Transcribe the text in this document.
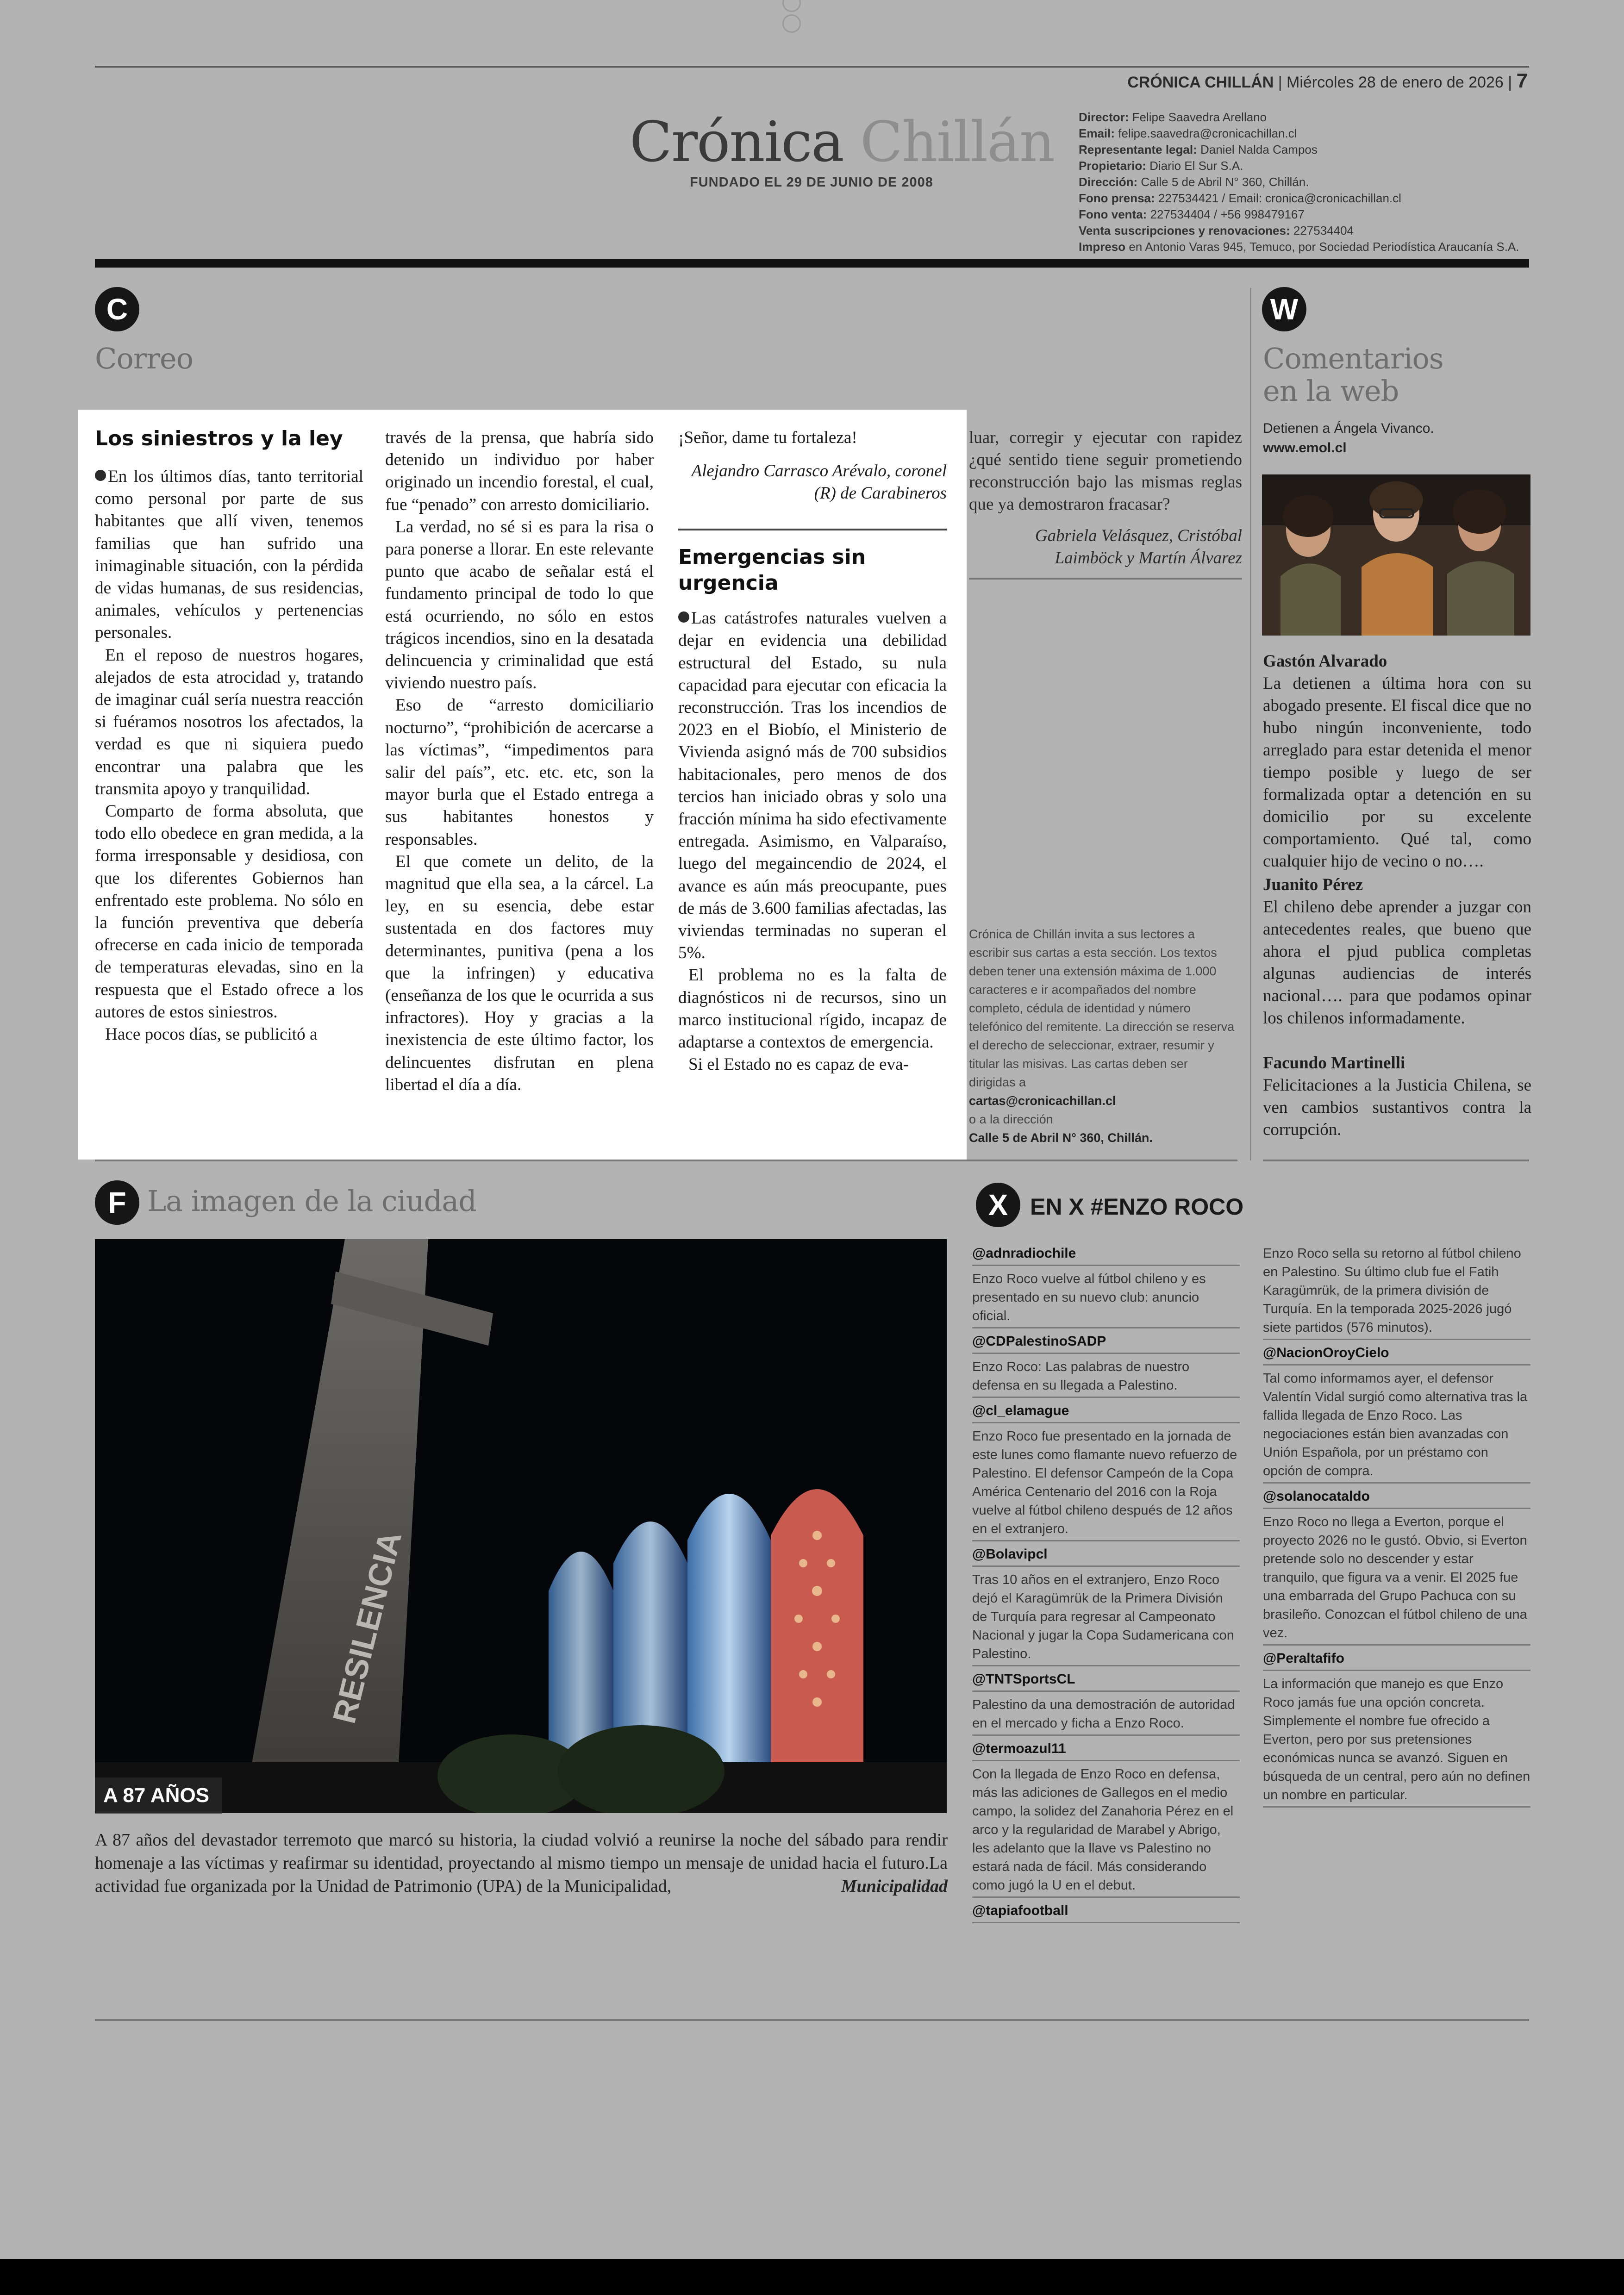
CRÓNICA CHILLÁN | Miércoles 28 de enero de 2026 | 7
Crónica Chillán
FUNDADO EL 29 DE JUNIO DE 2008
Director: Felipe Saavedra Arellano
Email: felipe.saavedra@cronicachillan.cl
Representante legal: Daniel Nalda Campos
Propietario: Diario El Sur S.A.
Dirección: Calle 5 de Abril N° 360, Chillán.
Fono prensa: 227534421 / Email: cronica@cronicachillan.cl
Fono venta: 227534404 / +56 998479167
Venta suscripciones y renovaciones: 227534404
Impreso en Antonio Varas 945, Temuco, por Sociedad Periodística Araucanía S.A.
C
Correo
W
Comentarios
en la web
Detienen a Ángela Vivanco.
www.emol.cl
Gastón Alvarado
La detienen a última hora con su abogado presente. El fiscal dice que no hubo ningún inconveniente, todo arreglado para estar detenida el menor tiempo posible y luego de ser formalizada optar a detención en su domicilio por su excelente comportamiento. Qué tal, como cualquier hijo de vecino o no….
Juanito Pérez
El chileno debe aprender a juzgar con antecedentes reales, que bueno que ahora el pjud publica completas algunas audiencias de interés nacional…. para que podamos opinar los chilenos informadamente.
Facundo Martinelli
Felicitaciones a la Justicia Chilena, se ven cambios sustantivos contra la corrupción.
Los siniestros y la ley

En los últimos días, tanto territorial como personal por parte de sus habitantes que allí viven, tenemos familias que han sufrido una inimaginable situación, con la pérdida de vidas humanas, de sus residencias, animales, vehículos y pertenencias personales.

En el reposo de nuestros hogares, alejados de esta atrocidad y, tratando de imaginar cuál sería nuestra reacción si fuéramos nosotros los afectados, la verdad es que ni siquiera puedo encontrar una palabra que les transmita apoyo y tranquilidad.

Comparto de forma absoluta, que todo ello obedece en gran medida, a la forma irresponsable y desidiosa, con que los diferentes Gobiernos han enfrentado este problema. No sólo en la función preventiva que debería ofrecerse en cada inicio de temporada de temperaturas elevadas, sino en la respuesta que el Estado ofrece a los autores de estos siniestros.

Hace pocos días, se publicitó a

través de la prensa, que habría sido detenido un individuo por haber originado un incendio forestal, el cual, fue “penado” con arresto domiciliario.

La verdad, no sé si es para la risa o para ponerse a llorar. En este relevante punto que acabo de señalar está el fundamento principal de todo lo que está ocurriendo, no sólo en estos trágicos incendios, sino en la desatada delincuencia y criminalidad que está viviendo nuestro país.

Eso de “arresto domiciliario nocturno”, “prohibición de acercarse a las víctimas”, “impedimentos para salir del país”, etc. etc. etc, son la mayor burla que el Estado entrega a sus habitantes honestos y responsables.

El que comete un delito, de la magnitud que ella sea, a la cárcel. La ley, en su esencia, debe estar sustentada en dos factores muy determinantes, punitiva (pena a los que la infringen) y educativa (enseñanza de los que le ocurrida a sus infractores). Hoy y gracias a la inexistencia de este último factor, los delincuentes disfrutan en plena libertad el día a día.

¡Señor, dame tu fortaleza!

Alejandro Carrasco Arévalo, coronel (R) de Carabineros
Emergencias sin urgencia

Las catástrofes naturales vuelven a dejar en evidencia una debilidad estructural del Estado, su nula capacidad para ejecutar con eficacia la reconstrucción. Tras los incendios de 2023 en el Biobío, el Ministerio de Vivienda asignó más de 700 subsidios habitacionales, pero menos de dos tercios han iniciado obras y solo una fracción mínima ha sido efectivamente entregada. Asimismo, en Valparaíso, luego del megaincendio de 2024, el avance es aún más preocupante, pues de más de 3.600 familias afectadas, las viviendas terminadas no superan el 5%.

El problema no es la falta de diagnósticos ni de recursos, sino un marco institucional rígido, incapaz de adaptarse a contextos de emergencia.

Si el Estado no es capaz de eva-

luar, corregir y ejecutar con rapidez ¿qué sentido tiene seguir prometiendo reconstrucción bajo las mismas reglas que ya demostraron fracasar?

Gabriela Velásquez, Cristóbal Laimböck y Martín Álvarez
Crónica de Chillán invita a sus lectores a escribir sus cartas a esta sección. Los textos deben tener una extensión máxima de 1.000 caracteres e ir acompañados del nombre completo, cédula de identidad y número telefónico del remitente. La dirección se reserva el derecho de seleccionar, extraer, resumir y titular las misivas. Las cartas deben ser dirigidas a
cartas@cronicachillan.cl
o a la dirección
Calle 5 de Abril N° 360, Chillán.
F La imagen de la ciudad
RESILENCIA
A 87 AÑOS
A 87 años del devastador terremoto que marcó su historia, la ciudad volvió a reunirse la noche del sábado para rendir homenaje a las víctimas y reafirmar su identidad, proyectando al mismo tiempo un mensaje de unidad hacia el futuro.La actividad fue organizada por la Unidad de Patrimonio (UPA) de la Municipalidad,	Municipalidad
X EN X #ENZO ROCO
@adnradiochile
Enzo Roco vuelve al fútbol chileno y es presentado en su nuevo club: anuncio oficial.
@CDPalestinoSADP
Enzo Roco: Las palabras de nuestro defensa en su llegada a Palestino.
@cl_elamague
Enzo Roco fue presentado en la jornada de este lunes como flamante nuevo refuerzo de Palestino. El defensor Campeón de la Copa América Centenario del 2016 con la Roja vuelve al fútbol chileno después de 12 años en el extranjero.
@Bolavipcl
Tras 10 años en el extranjero, Enzo Roco dejó el Karagümrük de la Primera División de Turquía para regresar al Campeonato Nacional y jugar la Copa Sudamericana con Palestino.
@TNTSportsCL
Palestino da una demostración de autoridad en el mercado y ficha a Enzo Roco.
@termoazul11
Con la llegada de Enzo Roco en defensa, más las adiciones de Gallegos en el medio campo, la solidez del Zanahoria Pérez en el arco y la regularidad de Marabel y Abrigo, les adelanto que la llave vs Palestino no estará nada de fácil. Más considerando como jugó la U en el debut.
@tapiafootball
Enzo Roco sella su retorno al fútbol chileno en Palestino. Su último club fue el Fatih Karagümrük, de la primera división de Turquía. En la temporada 2025-2026 jugó siete partidos (576 minutos).
@NacionOroyCielo
Tal como informamos ayer, el defensor Valentín Vidal surgió como alternativa tras la fallida llegada de Enzo Roco. Las negociaciones están bien avanzadas con Unión Española, por un préstamo con opción de compra.
@solanocataldo
Enzo Roco no llega a Everton, porque el proyecto 2026 no le gustó. Obvio, si Everton pretende solo no descender y estar tranquilo, que figura va a venir. El 2025 fue una embarrada del Grupo Pachuca con su brasileño. Conozcan el fútbol chileno de una vez.
@Peraltafifo
La información que manejo es que Enzo Roco jamás fue una opción concreta. Simplemente el nombre fue ofrecido a Everton, pero por sus pretensiones económicas nunca se avanzó. Siguen en búsqueda de un central, pero aún no definen un nombre en particular.
